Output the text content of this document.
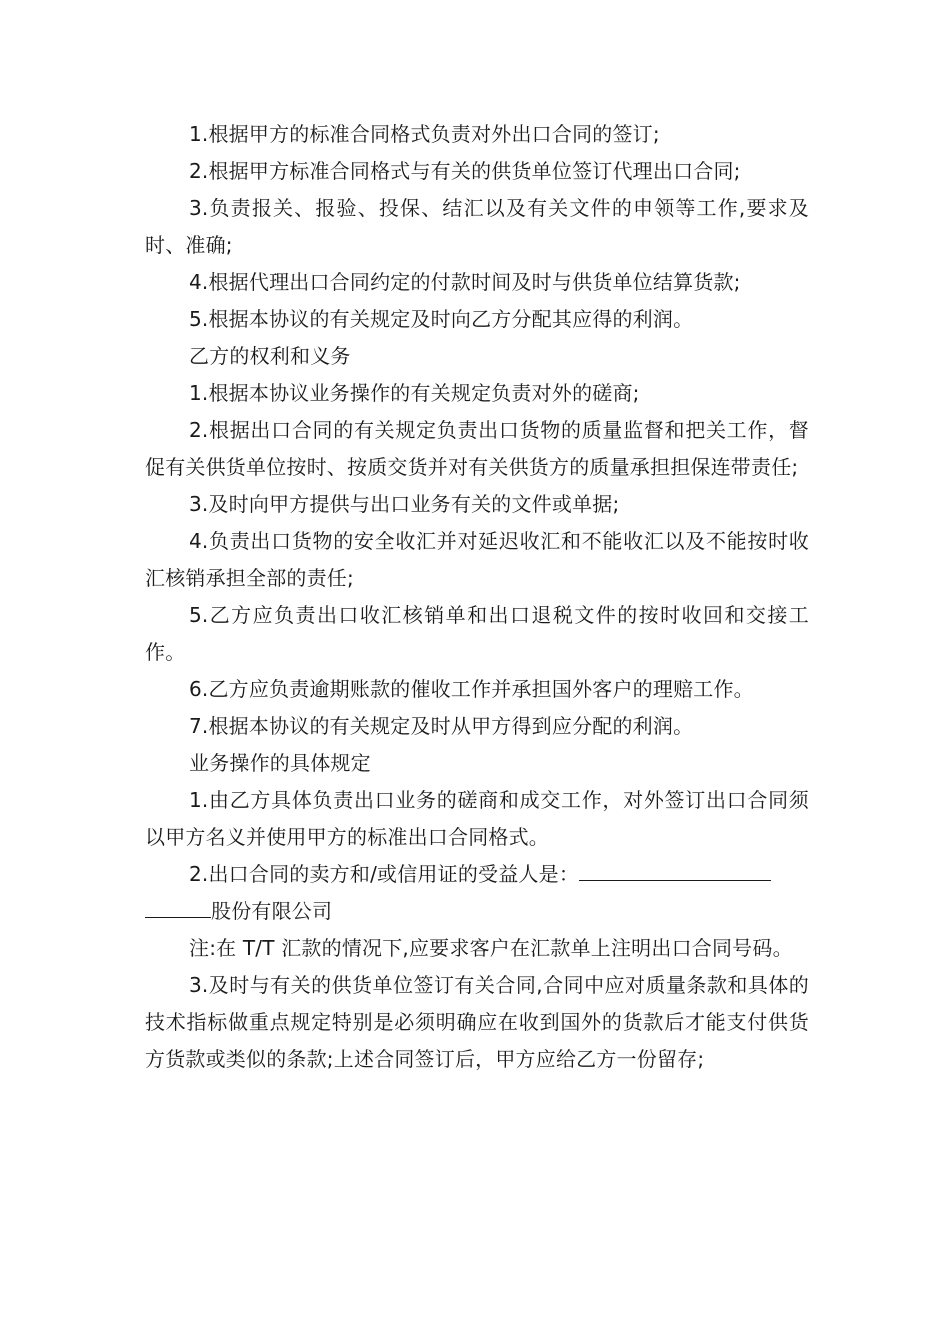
1.根据甲方的标准合同格式负责对外出口合同的签订;

2.根据甲方标准合同格式与有关的供货单位签订代理出口合同;

3.负责报关、报验、投保、结汇以及有关文件的申领等工作,要求及时、准确;

4.根据代理出口合同约定的付款时间及时与供货单位结算货款;

5.根据本协议的有关规定及时向乙方分配其应得的利润。

乙方的权利和义务

1.根据本协议业务操作的有关规定负责对外的磋商;

2.根据出口合同的有关规定负责出口货物的质量监督和把关工作，督促有关供货单位按时、按质交货并对有关供货方的质量承担担保连带责任;

3.及时向甲方提供与出口业务有关的文件或单据;

4.负责出口货物的安全收汇并对延迟收汇和不能收汇以及不能按时收汇核销承担全部的责任;

5.乙方应负责出口收汇核销单和出口退税文件的按时收回和交接工作。

6.乙方应负责逾期账款的催收工作并承担国外客户的理赔工作。

7.根据本协议的有关规定及时从甲方得到应分配的利润。

业务操作的具体规定

1.由乙方具体负责出口业务的磋商和成交工作，对外签订出口合同须以甲方名义并使用甲方的标准出口合同格式。

2.出口合同的卖方和/或信用证的受益人是：

股份有限公司

注:在 T/T 汇款的情况下,应要求客户在汇款单上注明出口合同号码。

3.及时与有关的供货单位签订有关合同,合同中应对质量条款和具体的技术指标做重点规定特别是必须明确应在收到国外的货款后才能支付供货方货款或类似的条款;上述合同签订后，甲方应给乙方一份留存;
